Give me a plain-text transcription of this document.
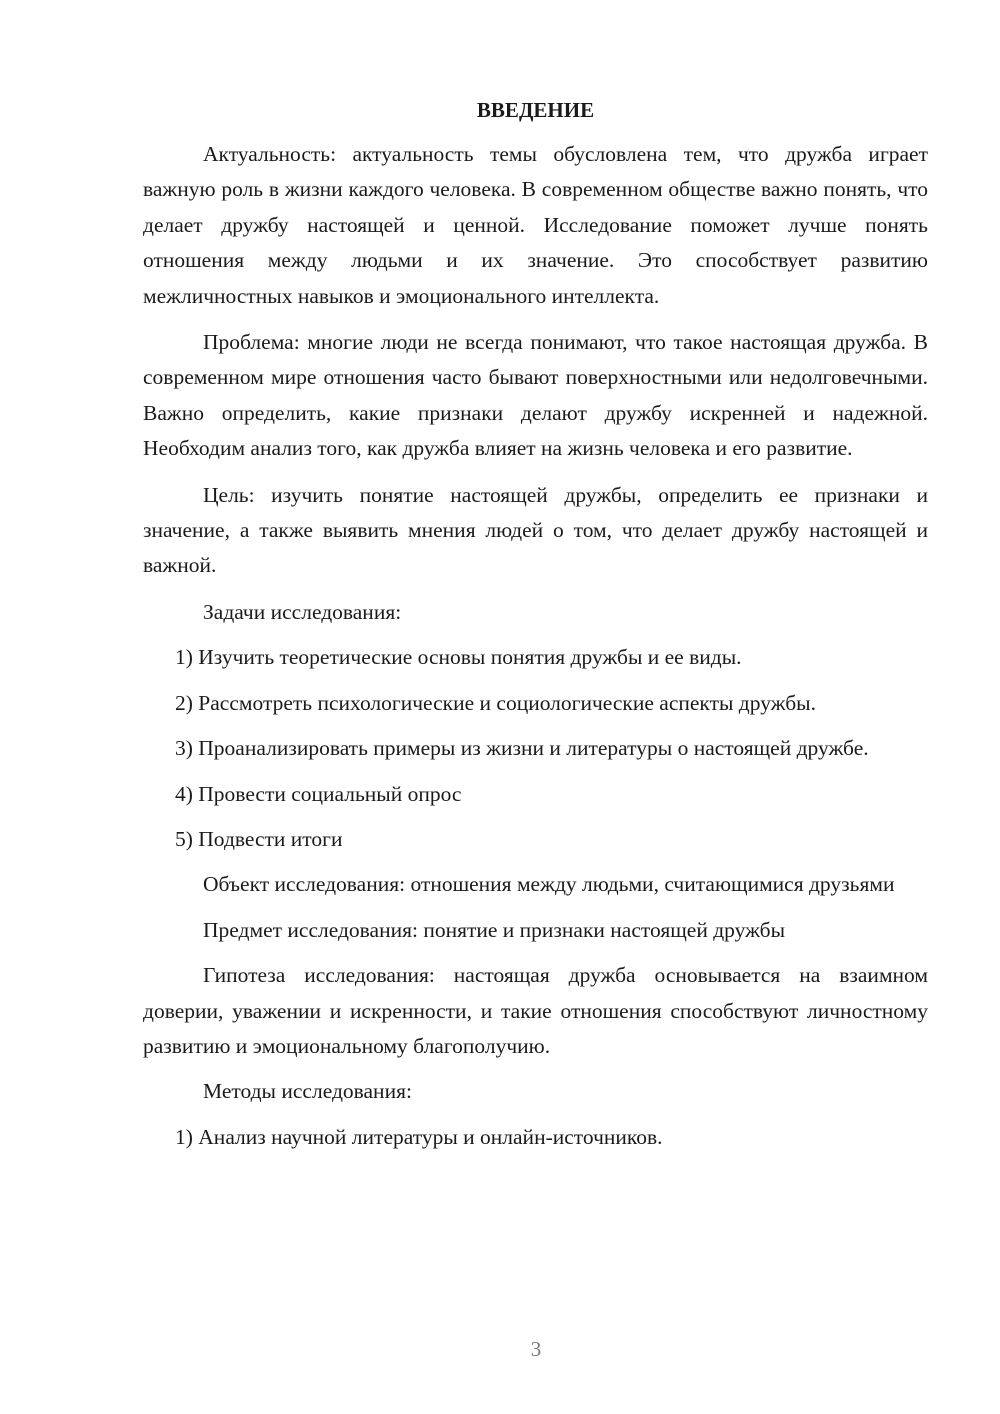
ВВЕДЕНИЕ

Актуальность: актуальность темы обусловлена тем, что дружба играет важную роль в жизни каждого человека. В современном обществе важно понять, что делает дружбу настоящей и ценной. Исследование поможет лучше понять отношения между людьми и их значение. Это способствует развитию межличностных навыков и эмоционального интеллекта.

Проблема: многие люди не всегда понимают, что такое настоящая дружба. В современном мире отношения часто бывают поверхностными или недолговечными. Важно определить, какие признаки делают дружбу искренней и надежной. Необходим анализ того, как дружба влияет на жизнь человека и его развитие.

Цель: изучить понятие настоящей дружбы, определить ее признаки и значение, а также выявить мнения людей о том, что делает дружбу настоящей и важной.

Задачи исследования:

1) Изучить теоретические основы понятия дружбы и ее виды.

2) Рассмотреть психологические и социологические аспекты дружбы.

3) Проанализировать примеры из жизни и литературы о настоящей дружбе.

4) Провести социальный опрос

5) Подвести итоги

Объект исследования: отношения между людьми, считающимися друзьями

Предмет исследования: понятие и признаки настоящей дружбы

Гипотеза исследования: настоящая дружба основывается на взаимном доверии, уважении и искренности, и такие отношения способствуют личностному развитию и эмоциональному благополучию.

Методы исследования:

1) Анализ научной литературы и онлайн-источников.

3
